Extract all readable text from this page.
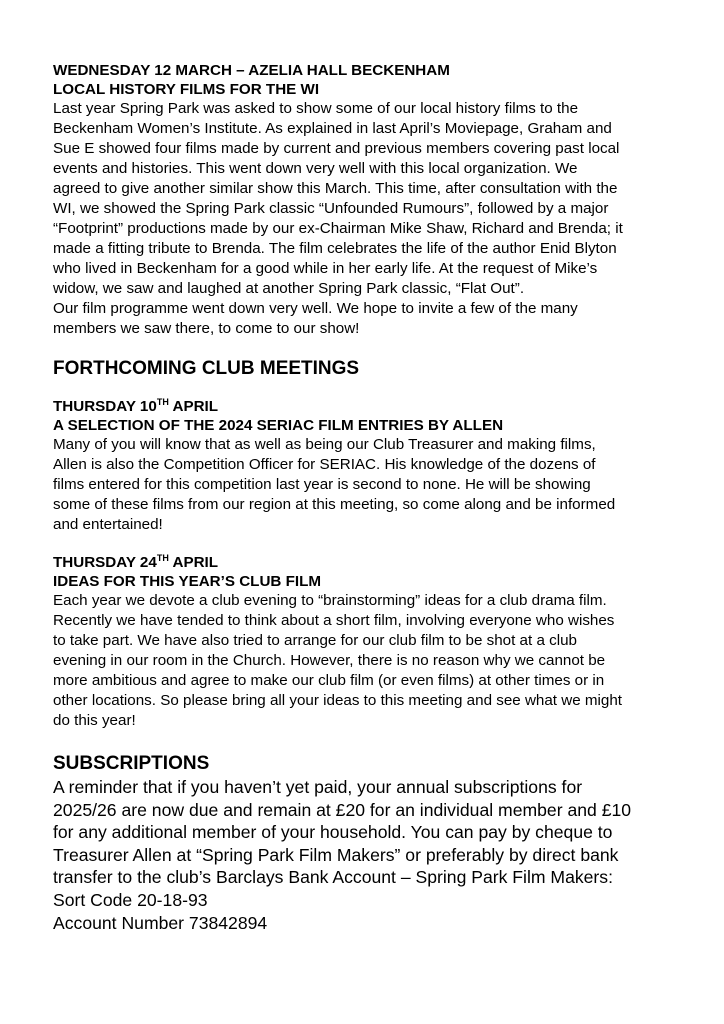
WEDNESDAY 12 MARCH – AZELIA HALL BECKENHAM
LOCAL HISTORY FILMS FOR THE WI

Last year Spring Park was asked to show some of our local history films to the
Beckenham Women’s Institute. As explained in last April’s Moviepage, Graham and
Sue E showed four films made by current and previous members covering past local
events and histories. This went down very well with this local organization. We
agreed to give another similar show this March. This time, after consultation with the
WI, we showed the Spring Park classic “Unfounded Rumours”, followed by a major
“Footprint” productions made by our ex-Chairman Mike Shaw, Richard and Brenda; it
made a fitting tribute to Brenda. The film celebrates the life of the author Enid Blyton
who lived in Beckenham for a good while in her early life. At the request of Mike’s
widow, we saw and laughed at another Spring Park classic, “Flat Out”.
Our film programme went down very well. We hope to invite a few of the many
members we saw there, to come to our show!

FORTHCOMING CLUB MEETINGS
THURSDAY 10TH APRIL
A SELECTION OF THE 2024 SERIAC FILM ENTRIES BY ALLEN

Many of you will know that as well as being our Club Treasurer and making films,
Allen is also the Competition Officer for SERIAC. His knowledge of the dozens of
films entered for this competition last year is second to none. He will be showing
some of these films from our region at this meeting, so come along and be informed
and entertained!

THURSDAY 24TH APRIL
IDEAS FOR THIS YEAR’S CLUB FILM

Each year we devote a club evening to “brainstorming” ideas for a club drama film.
Recently we have tended to think about a short film, involving everyone who wishes
to take part. We have also tried to arrange for our club film to be shot at a club
evening in our room in the Church. However, there is no reason why we cannot be
more ambitious and agree to make our club film (or even films) at other times or in
other locations. So please bring all your ideas to this meeting and see what we might
do this year!

SUBSCRIPTIONS

A reminder that if you haven’t yet paid, your annual subscriptions for
2025/26 are now due and remain at £20 for an individual member and £10
for any additional member of your household. You can pay by cheque to
Treasurer Allen at “Spring Park Film Makers” or preferably by direct bank
transfer to the club’s Barclays Bank Account – Spring Park Film Makers:
Sort Code 20-18-93
Account Number 73842894
